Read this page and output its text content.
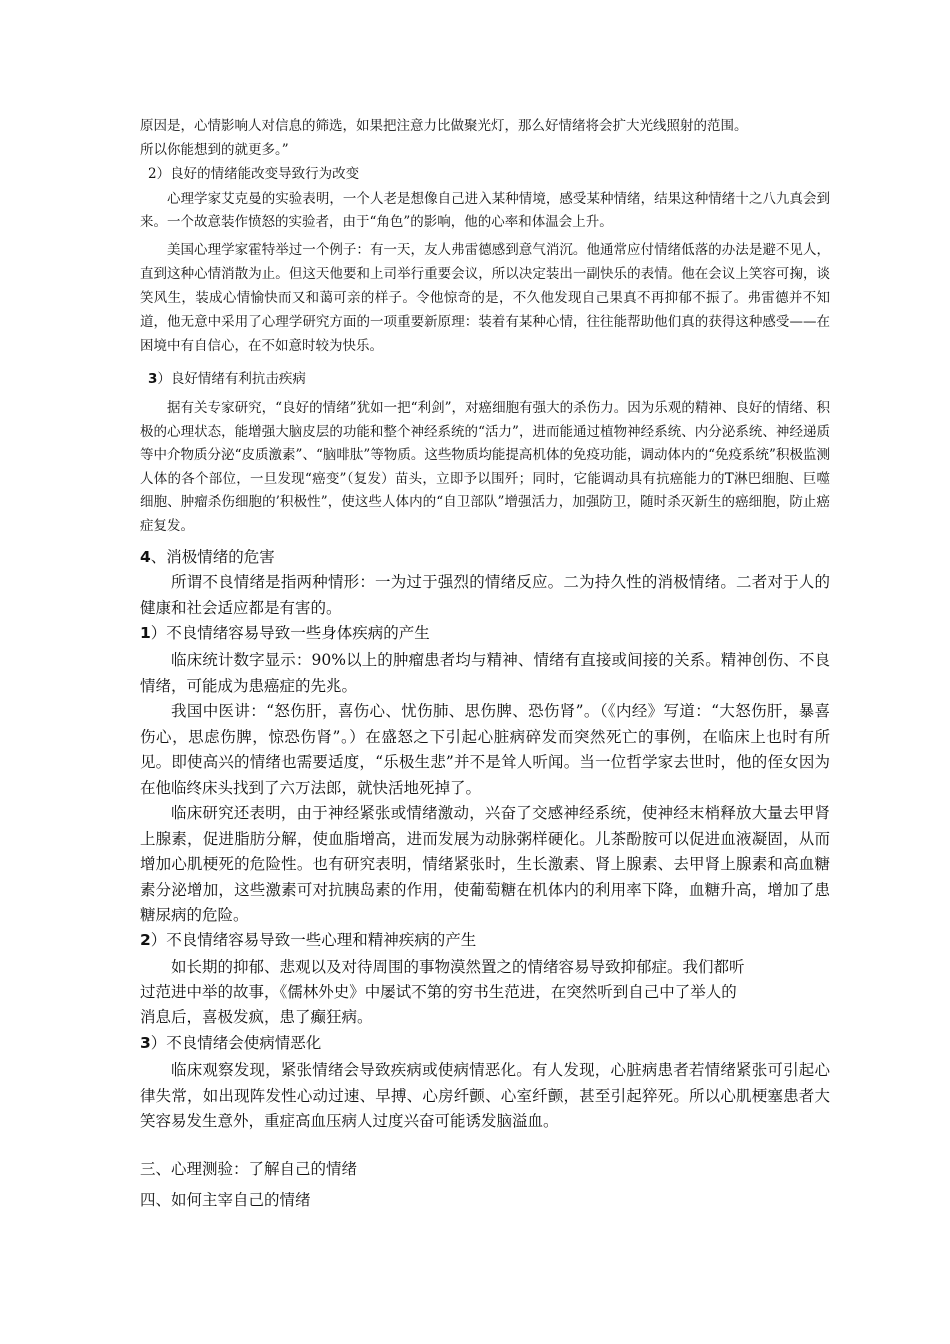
原因是，心情影响人对信息的筛选，如果把注意力比做聚光灯，那么好情绪将会扩大光线照射的范围。

所以你能想到的就更多。”

2）良好的情绪能改变导致行为改变

心理学家艾克曼的实验表明，一个人老是想像自己进入某种情境，感受某种情绪，结果这种情绪十之八九真会到来。一个故意装作愤怒的实验者，由于“角色”的影响，他的心率和体温会上升。

美国心理学家霍特举过一个例子：有一天，友人弗雷德感到意气消沉。他通常应付情绪低落的办法是避不见人，直到这种心情消散为止。但这天他要和上司举行重要会议，所以决定装出一副快乐的表情。他在会议上笑容可掬，谈笑风生，装成心情愉快而又和蔼可亲的样子。令他惊奇的是，不久他发现自己果真不再抑郁不振了。弗雷德并不知道，他无意中采用了心理学研究方面的一项重要新原理：装着有某种心情，往往能帮助他们真的获得这种感受——在困境中有自信心，在不如意时较为快乐。

3）良好情绪有利抗击疾病

据有关专家研究，“良好的情绪”犹如一把“利剑”，对癌细胞有强大的杀伤力。因为乐观的精神、良好的情绪、积极的心理状态，能增强大脑皮层的功能和整个神经系统的“活力”，进而能通过植物神经系统、内分泌系统、神经递质等中介物质分泌“皮质激素”、“脑啡肽”等物质。这些物质均能提高机体的免疫功能，调动体内的“免疫系统”积极监测人体的各个部位，一旦发现“癌变”（复发）苗头，立即予以围歼；同时，它能调动具有抗癌能力的T淋巴细胞、巨噬细胞、肿瘤杀伤细胞的’积极性”，使这些人体内的“自卫部队”增强活力，加强防卫，随时杀灭新生的癌细胞，防止癌症复发。

4、消极情绪的危害

所谓不良情绪是指两种情形：一为过于强烈的情绪反应。二为持久性的消极情绪。二者对于人的健康和社会适应都是有害的。

1）不良情绪容易导致一些身体疾病的产生

临床统计数字显示：90%以上的肿瘤患者均与精神、情绪有直接或间接的关系。精神创伤、不良情绪，可能成为患癌症的先兆。

我国中医讲：“怒伤肝，喜伤心、忧伤肺、思伤脾、恐伤肾”。（《内经》写道：“大怒伤肝，暴喜伤心，思虑伤脾，惊恐伤肾”。）在盛怒之下引起心脏病碎发而突然死亡的事例，在临床上也时有所见。即使高兴的情绪也需要适度，“乐极生悲”并不是耸人听闻。当一位哲学家去世时，他的侄女因为在他临终床头找到了六万法郎，就快活地死掉了。

临床研究还表明，由于神经紧张或情绪激动，兴奋了交感神经系统，使神经末梢释放大量去甲肾上腺素，促进脂肪分解，使血脂增高，进而发展为动脉粥样硬化。儿茶酚胺可以促进血液凝固，从而增加心肌梗死的危险性。也有研究表明，情绪紧张时，生长激素、肾上腺素、去甲肾上腺素和高血糖素分泌增加，这些激素可对抗胰岛素的作用，使葡萄糖在机体内的利用率下降，血糖升高，增加了患糖尿病的危险。

2）不良情绪容易导致一些心理和精神疾病的产生

如长期的抑郁、悲观以及对待周围的事物漠然置之的情绪容易导致抑郁症。我们都听

过范进中举的故事，《儒林外史》中屡试不第的穷书生范进，在突然听到自己中了举人的

消息后，喜极发疯，患了癫狂病。

3）不良情绪会使病情恶化

临床观察发现，紧张情绪会导致疾病或使病情恶化。有人发现，心脏病患者若情绪紧张可引起心律失常，如出现阵发性心动过速、早搏、心房纤颤、心室纤颤，甚至引起猝死。所以心肌梗塞患者大笑容易发生意外，重症高血压病人过度兴奋可能诱发脑溢血。

三、心理测验：了解自己的情绪

四、如何主宰自己的情绪
